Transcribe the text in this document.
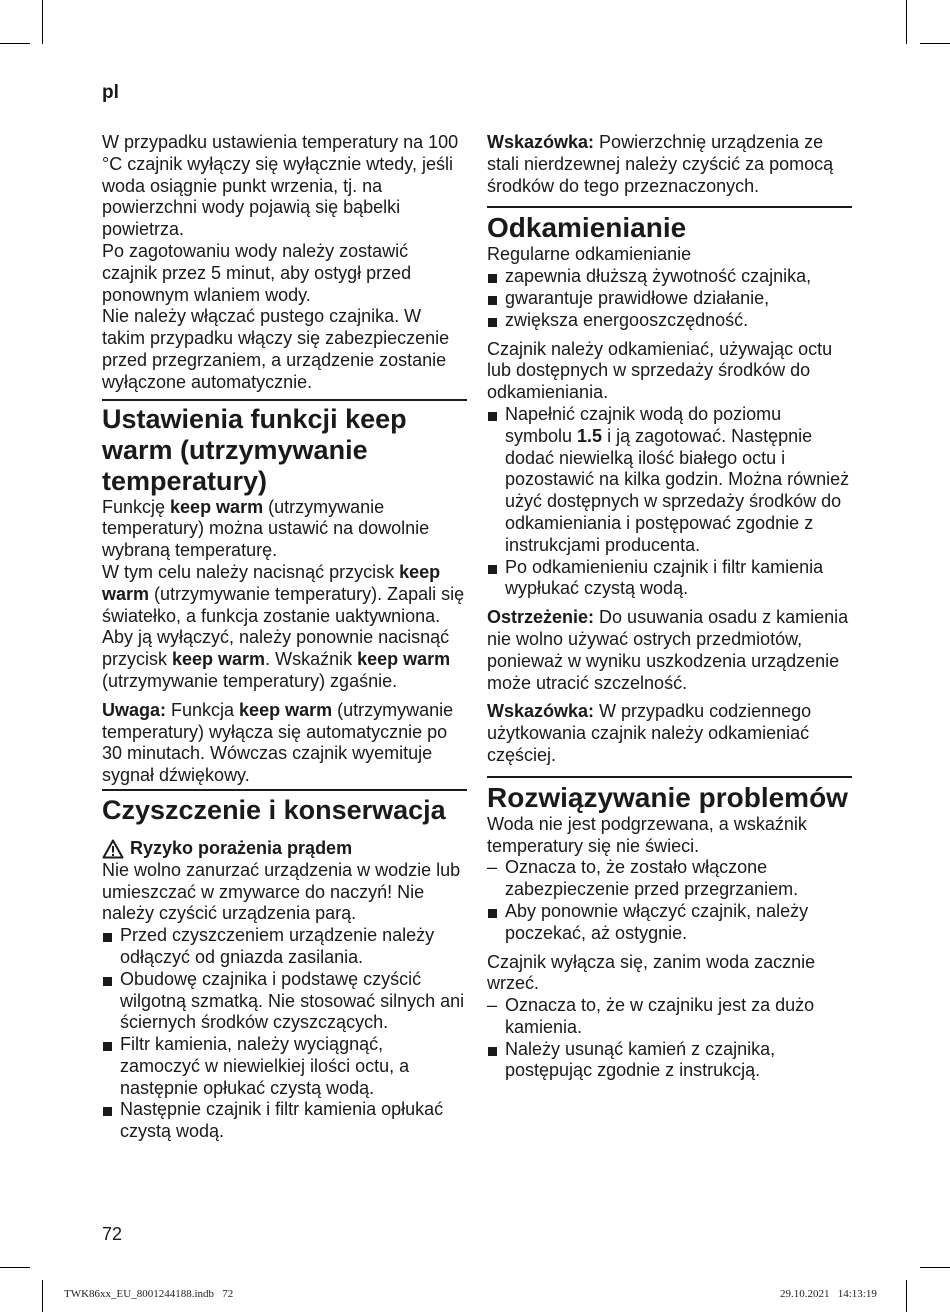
pl

W przypadku ustawienia temperatury na 100 °C czajnik wyłączy się wyłącznie wtedy, jeśli woda osiągnie punkt wrzenia, tj. na powierzchni wody pojawią się bąbelki powietrza.

Po zagotowaniu wody należy zostawić czajnik przez 5 minut, aby ostygł przed ponownym wlaniem wody.

Nie należy włączać pustego czajnika. W takim przypadku włączy się zabezpieczenie przed przegrzaniem, a urządzenie zostanie wyłączone automatycznie.

Ustawienia funkcji keep warm (utrzymywanie temperatury)

Funkcję keep warm (utrzymywanie temperatury) można ustawić na dowolnie wybraną temperaturę.

W tym celu należy nacisnąć przycisk keep warm (utrzymywanie temperatury). Zapali się światełko, a funkcja zostanie uaktywniona.

Aby ją wyłączyć, należy ponownie nacisnąć przycisk keep warm. Wskaźnik keep warm (utrzymywanie temperatury) zgaśnie.

Uwaga: Funkcja keep warm (utrzymywanie temperatury) wyłącza się automatycznie po 30 minutach. Wówczas czajnik wyemituje sygnał dźwiękowy.

Czyszczenie i konserwacja
Ryzyko porażenia prądem

Nie wolno zanurzać urządzenia w wodzie lub umieszczać w zmywarce do naczyń! Nie należy czyścić urządzenia parą.

Przed czyszczeniem urządzenie należy odłączyć od gniazda zasilania.
Obudowę czajnika i podstawę czyścić wilgotną szmatką. Nie stosować silnych ani ściernych środków czyszczących.
Filtr kamienia, należy wyciągnąć, zamoczyć w niewielkiej ilości octu, a następnie opłukać czystą wodą.
Następnie czajnik i filtr kamienia opłukać czystą wodą.

Wskazówka: Powierzchnię urządzenia ze stali nierdzewnej należy czyścić za pomocą środków do tego przeznaczonych.

Odkamienianie

Regularne odkamienianie

zapewnia dłuższą żywotność czajnika,
gwarantuje prawidłowe działanie,
zwiększa energooszczędność.

Czajnik należy odkamieniać, używając octu lub dostępnych w sprzedaży środków do odkamieniania.

Napełnić czajnik wodą do poziomu symbolu 1.5 i ją zagotować. Następnie dodać niewielką ilość białego octu i pozostawić na kilka godzin. Można również użyć dostępnych w sprzedaży środków do odkamieniania i postępować zgodnie z instrukcjami producenta.
Po odkamienieniu czajnik i filtr kamienia wypłukać czystą wodą.

Ostrzeżenie: Do usuwania osadu z kamienia nie wolno używać ostrych przedmiotów, ponieważ w wyniku uszkodzenia urządzenie może utracić szczelność.

Wskazówka: W przypadku codziennego użytkowania czajnik należy odkamieniać częściej.

Rozwiązywanie problemów

Woda nie jest podgrzewana, a wskaźnik temperatury się nie świeci.

– Oznacza to, że zostało włączone zabezpieczenie przed przegrzaniem.
Aby ponownie włączyć czajnik, należy poczekać, aż ostygnie.

Czajnik wyłącza się, zanim woda zacznie wrzeć.

– Oznacza to, że w czajniku jest za dużo kamienia.
Należy usunąć kamień z czajnika, postępując zgodnie z instrukcją.
72
TWK86xx_EU_8001244188.indb   72	29.10.2021   14:13:19
